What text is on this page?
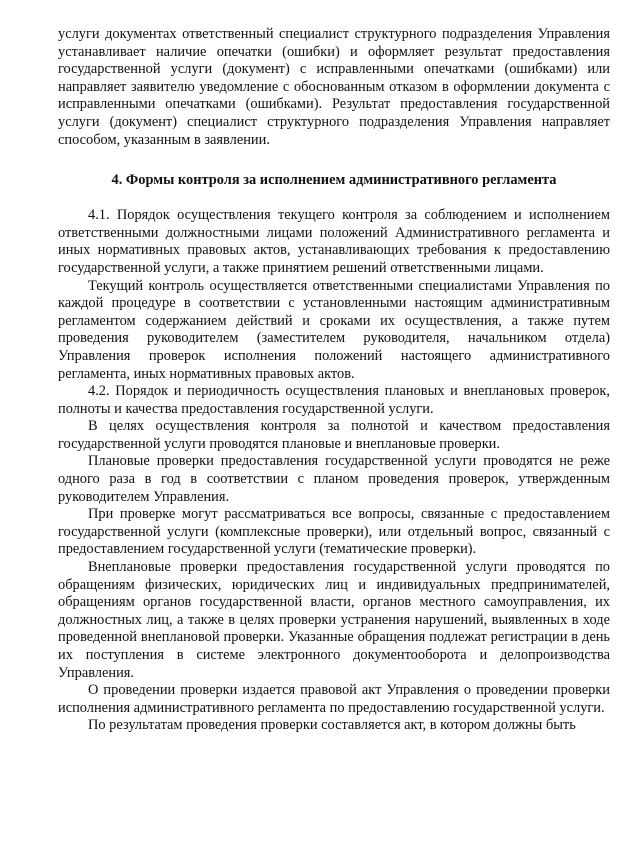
услуги документах ответственный специалист структурного подразделения Управления устанавливает наличие опечатки (ошибки) и оформляет результат предоставления государственной услуги (документ) с исправленными опечатками (ошибками) или направляет заявителю уведомление с обоснованным отказом в оформлении документа с исправленными опечатками (ошибками). Результат предоставления государственной услуги (документ) специалист структурного подразделения Управления направляет способом, указанным в заявлении.

4. Формы контроля за исполнением административного регламента

4.1. Порядок осуществления текущего контроля за соблюдением и исполнением ответственными должностными лицами положений Административного регламента и иных нормативных правовых актов, устанавливающих требования к предоставлению государственной услуги, а также принятием решений ответственными лицами.

Текущий контроль осуществляется ответственными специалистами Управления по каждой процедуре в соответствии с установленными настоящим административным регламентом содержанием действий и сроками их осуществления, а также путем проведения руководителем (заместителем руководителя, начальником отдела) Управления проверок исполнения положений настоящего административного регламента, иных нормативных правовых актов.

4.2. Порядок и периодичность осуществления плановых и внеплановых проверок, полноты и качества предоставления государственной услуги.

В целях осуществления контроля за полнотой и качеством предоставления государственной услуги проводятся плановые и внеплановые проверки.

Плановые проверки предоставления государственной услуги проводятся не реже одного раза в год в соответствии с планом проведения проверок, утвержденным руководителем Управления.

При проверке могут рассматриваться все вопросы, связанные с предоставлением государственной услуги (комплексные проверки), или отдельный вопрос, связанный с предоставлением государственной услуги (тематические проверки).

Внеплановые проверки предоставления государственной услуги проводятся по обращениям физических, юридических лиц и индивидуальных предпринимателей, обращениям органов государственной власти, органов местного самоуправления, их должностных лиц, а также в целях проверки устранения нарушений, выявленных в ходе проведенной внеплановой проверки. Указанные обращения подлежат регистрации в день их поступления в системе электронного документооборота и делопроизводства Управления.

О проведении проверки издается правовой акт Управления о проведении проверки исполнения административного регламента по предоставлению государственной услуги.

По результатам проведения проверки составляется акт, в котором должны быть
